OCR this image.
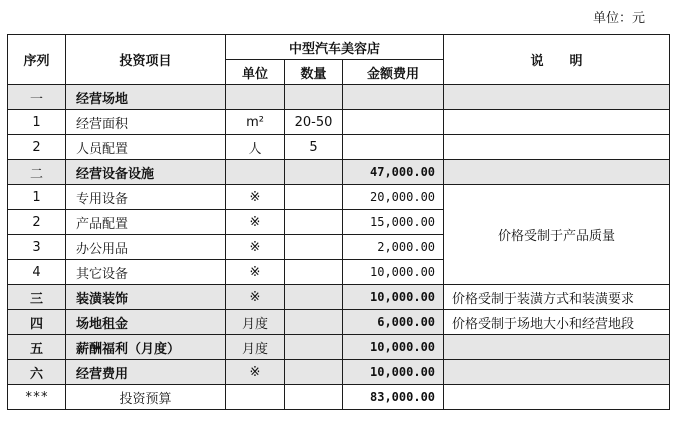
单位：元
序列	投资项目	中型汽车美容店			说　　明
		单位	数量	金额费用	
一	经营场地				
1	经营面积	m²	20-50		
2	人员配置	人	5		
二	经营设备设施			47,000.00	
1	专用设备	※		20,000.00	价格受制于产品质量
2	产品配置	※		15,000.00	
3	办公用品	※		2,000.00	
4	其它设备	※		10,000.00	
三	装潢装饰	※		10,000.00	价格受制于装潢方式和装潢要求
四	场地租金	月度		6,000.00	价格受制于场地大小和经营地段
五	薪酬福利（月度）	月度		10,000.00	
六	经营费用	※		10,000.00	
***	投资预算			83,000.00	
